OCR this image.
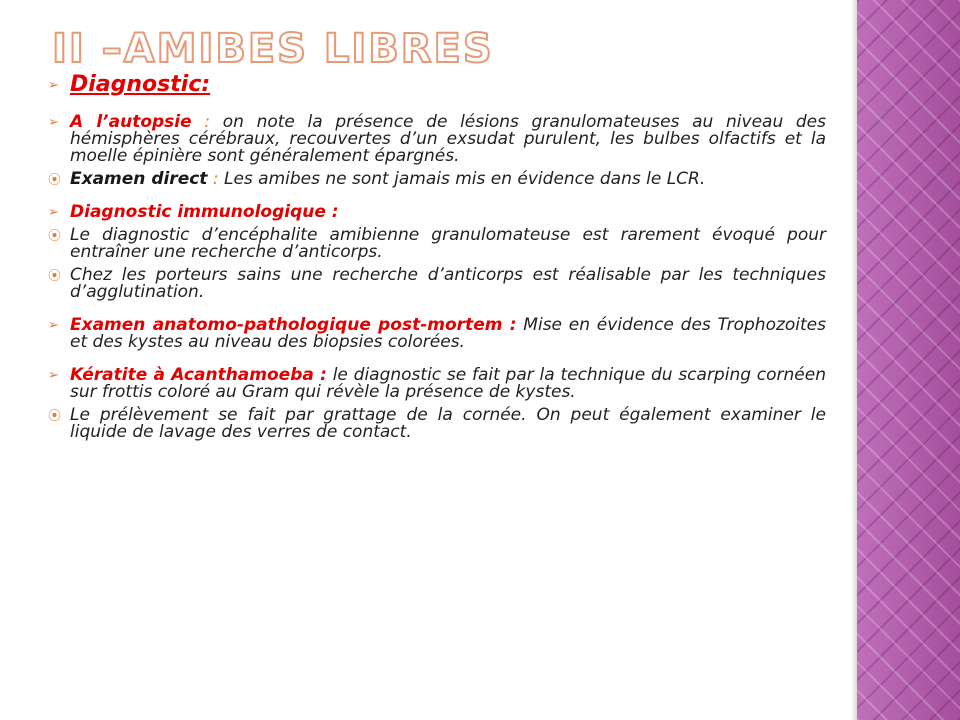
II –AMIBES LIBRES
➢ Diagnostic:
➢ A l’autopsie : on note la présence de lésions granulomateuses au niveau des hémisphères cérébraux, recouvertes d’un exsudat purulent, les bulbes olfactifs et la moelle épinière sont généralement épargnés.
⦿ Examen direct : Les amibes ne sont jamais mis en évidence dans le LCR.
➢ Diagnostic immunologique :
⦿ Le diagnostic d’encéphalite amibienne granulomateuse est rarement évoqué pour entraîner une recherche d’anticorps.
⦿ Chez les porteurs sains une recherche d’anticorps est réalisable par les techniques d’agglutination.
➢ Examen anatomo-pathologique post-mortem : Mise en évidence des Trophozoites et des kystes au niveau des biopsies colorées.
➢ Kératite à Acanthamoeba : le diagnostic se fait par la technique du scarping cornéen sur frottis coloré au Gram qui révèle la présence de kystes.
⦿ Le prélèvement se fait par grattage de la cornée. On peut également examiner le liquide de lavage des verres de contact.
